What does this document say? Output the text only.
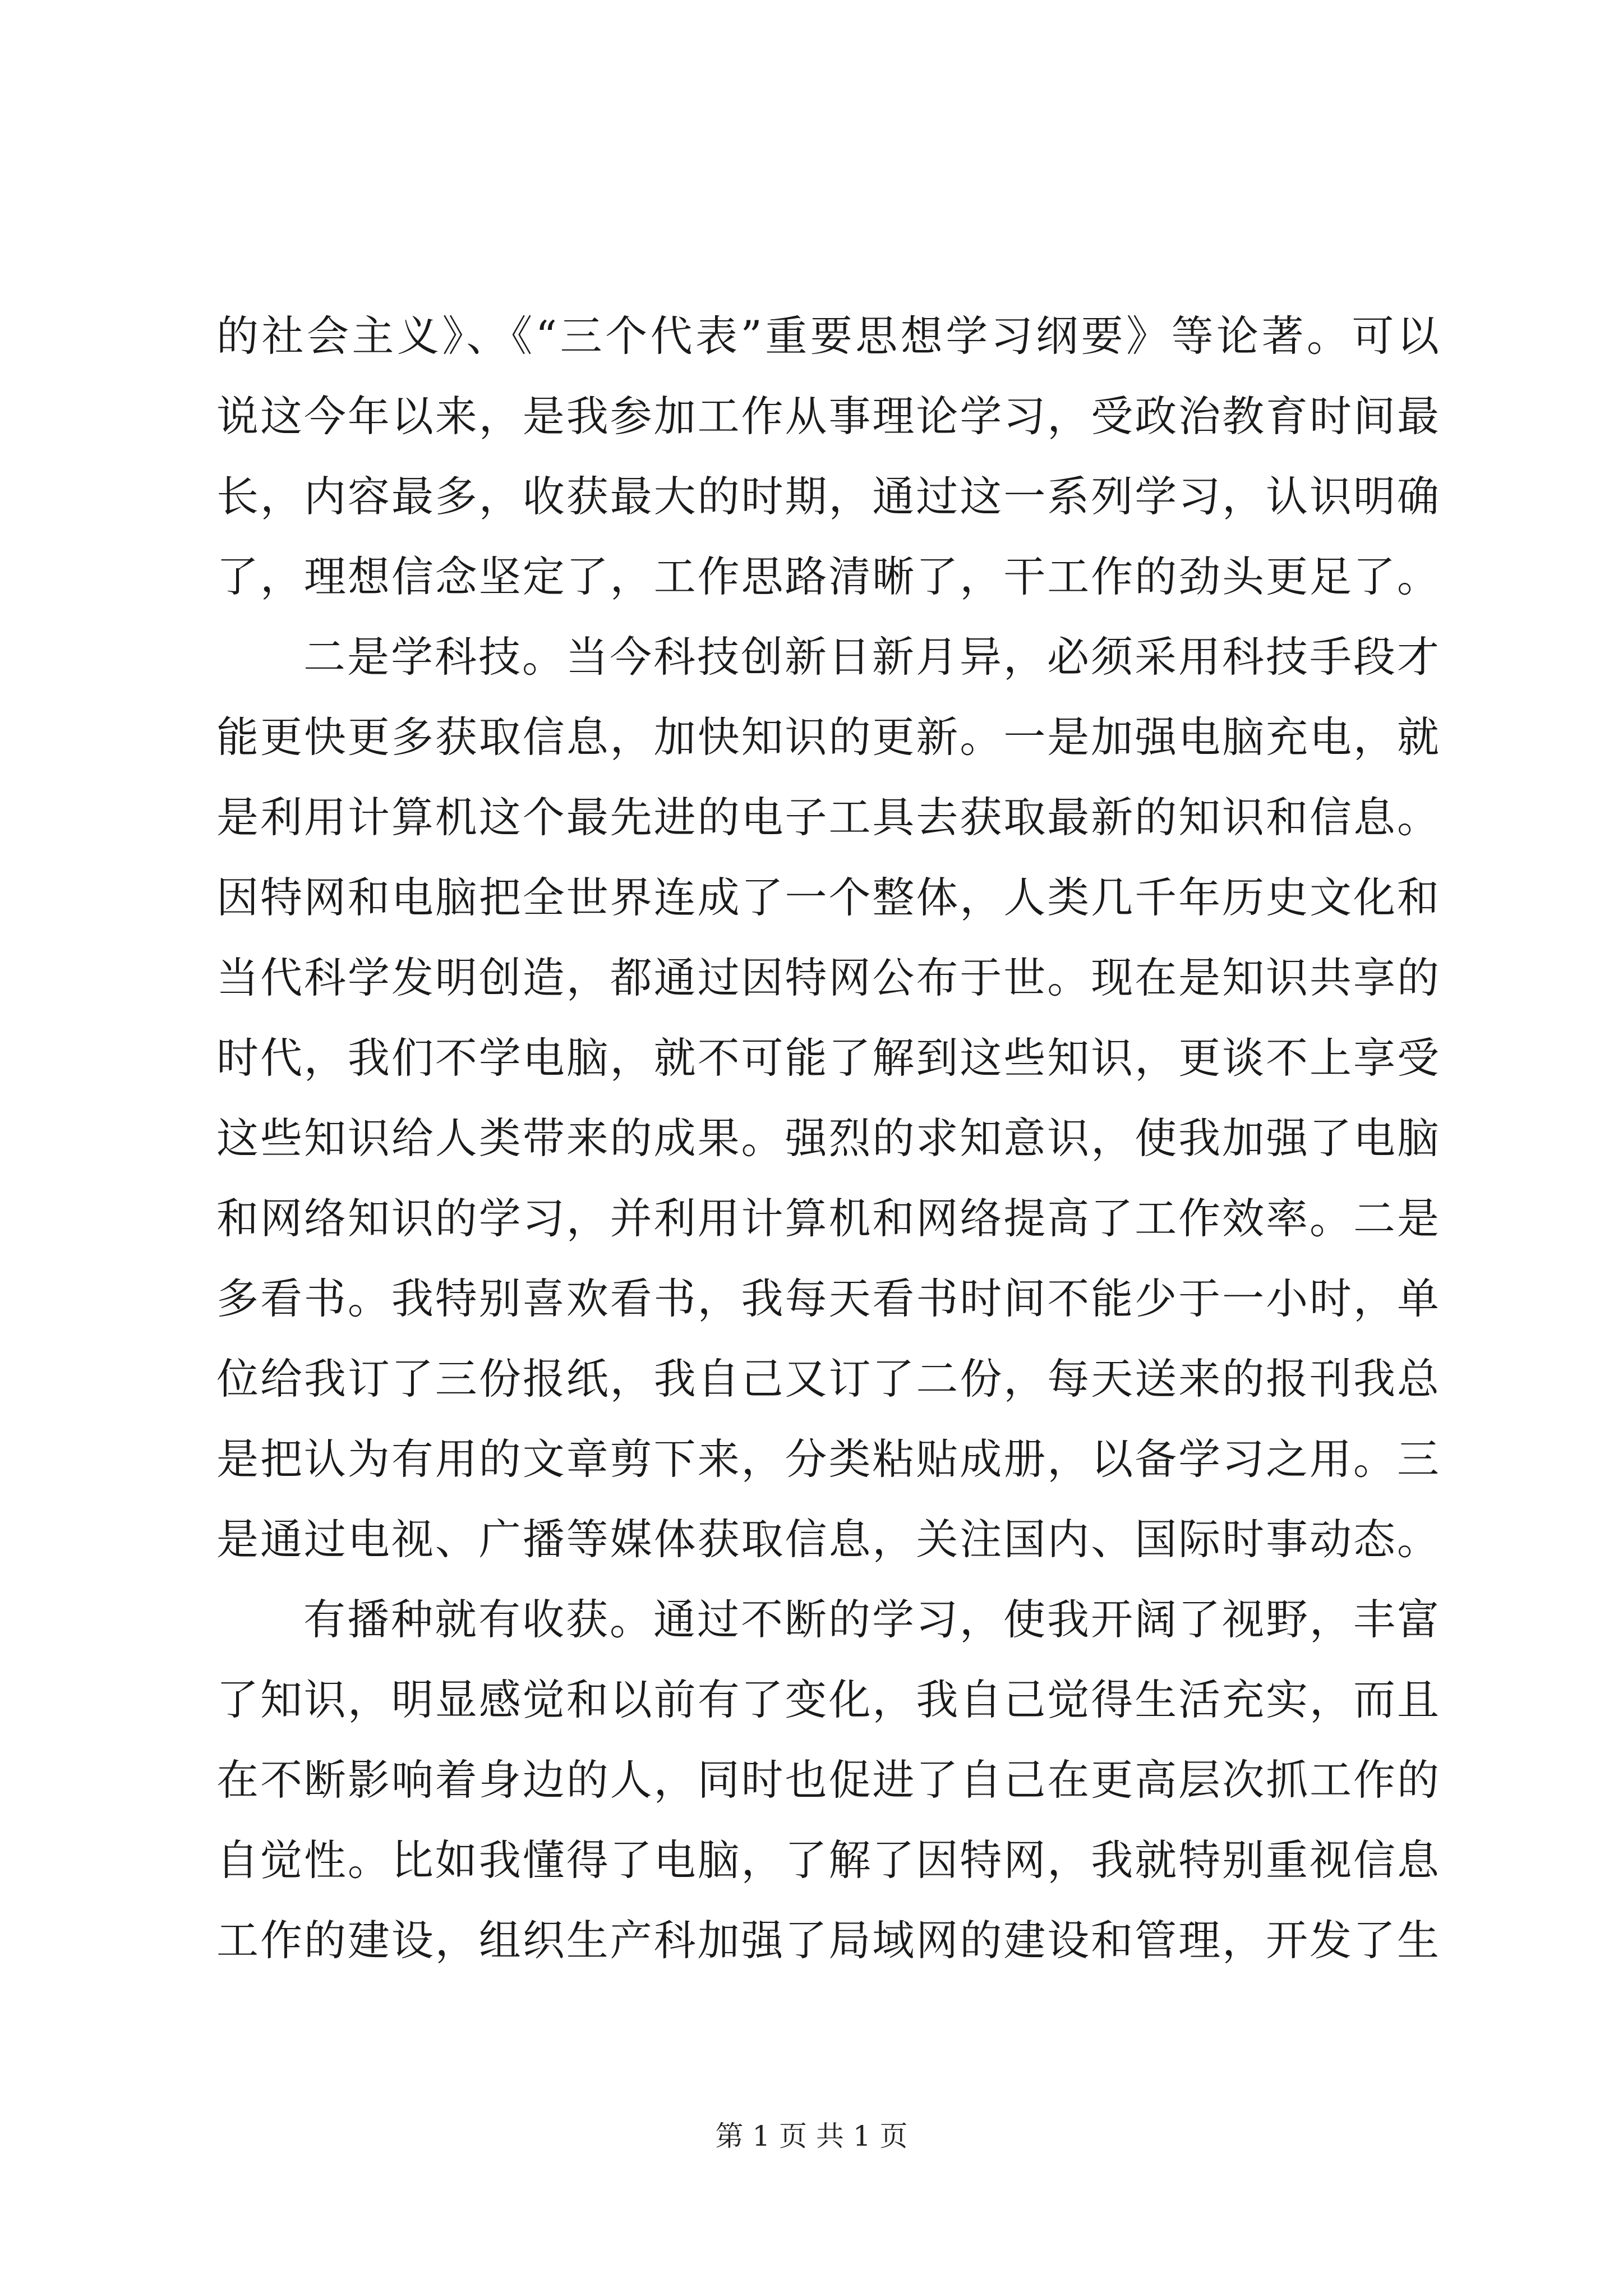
的社会主义》、《“三个代表”重要思想学习纲要》等论著。可以
说这今年以来，是我参加工作从事理论学习，受政治教育时间最
长，内容最多，收获最大的时期，通过这一系列学习，认识明确
了，理想信念坚定了，工作思路清晰了，干工作的劲头更足了。
二是学科技。当今科技创新日新月异，必须采用科技手段才
能更快更多获取信息，加快知识的更新。一是加强电脑充电，就
是利用计算机这个最先进的电子工具去获取最新的知识和信息。
因特网和电脑把全世界连成了一个整体，人类几千年历史文化和
当代科学发明创造，都通过因特网公布于世。现在是知识共享的
时代，我们不学电脑，就不可能了解到这些知识，更谈不上享受
这些知识给人类带来的成果。强烈的求知意识，使我加强了电脑
和网络知识的学习，并利用计算机和网络提高了工作效率。二是
多看书。我特别喜欢看书，我每天看书时间不能少于一小时，单
位给我订了三份报纸，我自己又订了二份，每天送来的报刊我总
是把认为有用的文章剪下来，分类粘贴成册，以备学习之用。三
是通过电视、广播等媒体获取信息，关注国内、国际时事动态。
有播种就有收获。通过不断的学习，使我开阔了视野，丰富
了知识，明显感觉和以前有了变化，我自己觉得生活充实，而且
在不断影响着身边的人，同时也促进了自己在更高层次抓工作的
自觉性。比如我懂得了电脑，了解了因特网，我就特别重视信息
工作的建设，组织生产科加强了局域网的建设和管理，开发了生
第 1 页 共 1 页
